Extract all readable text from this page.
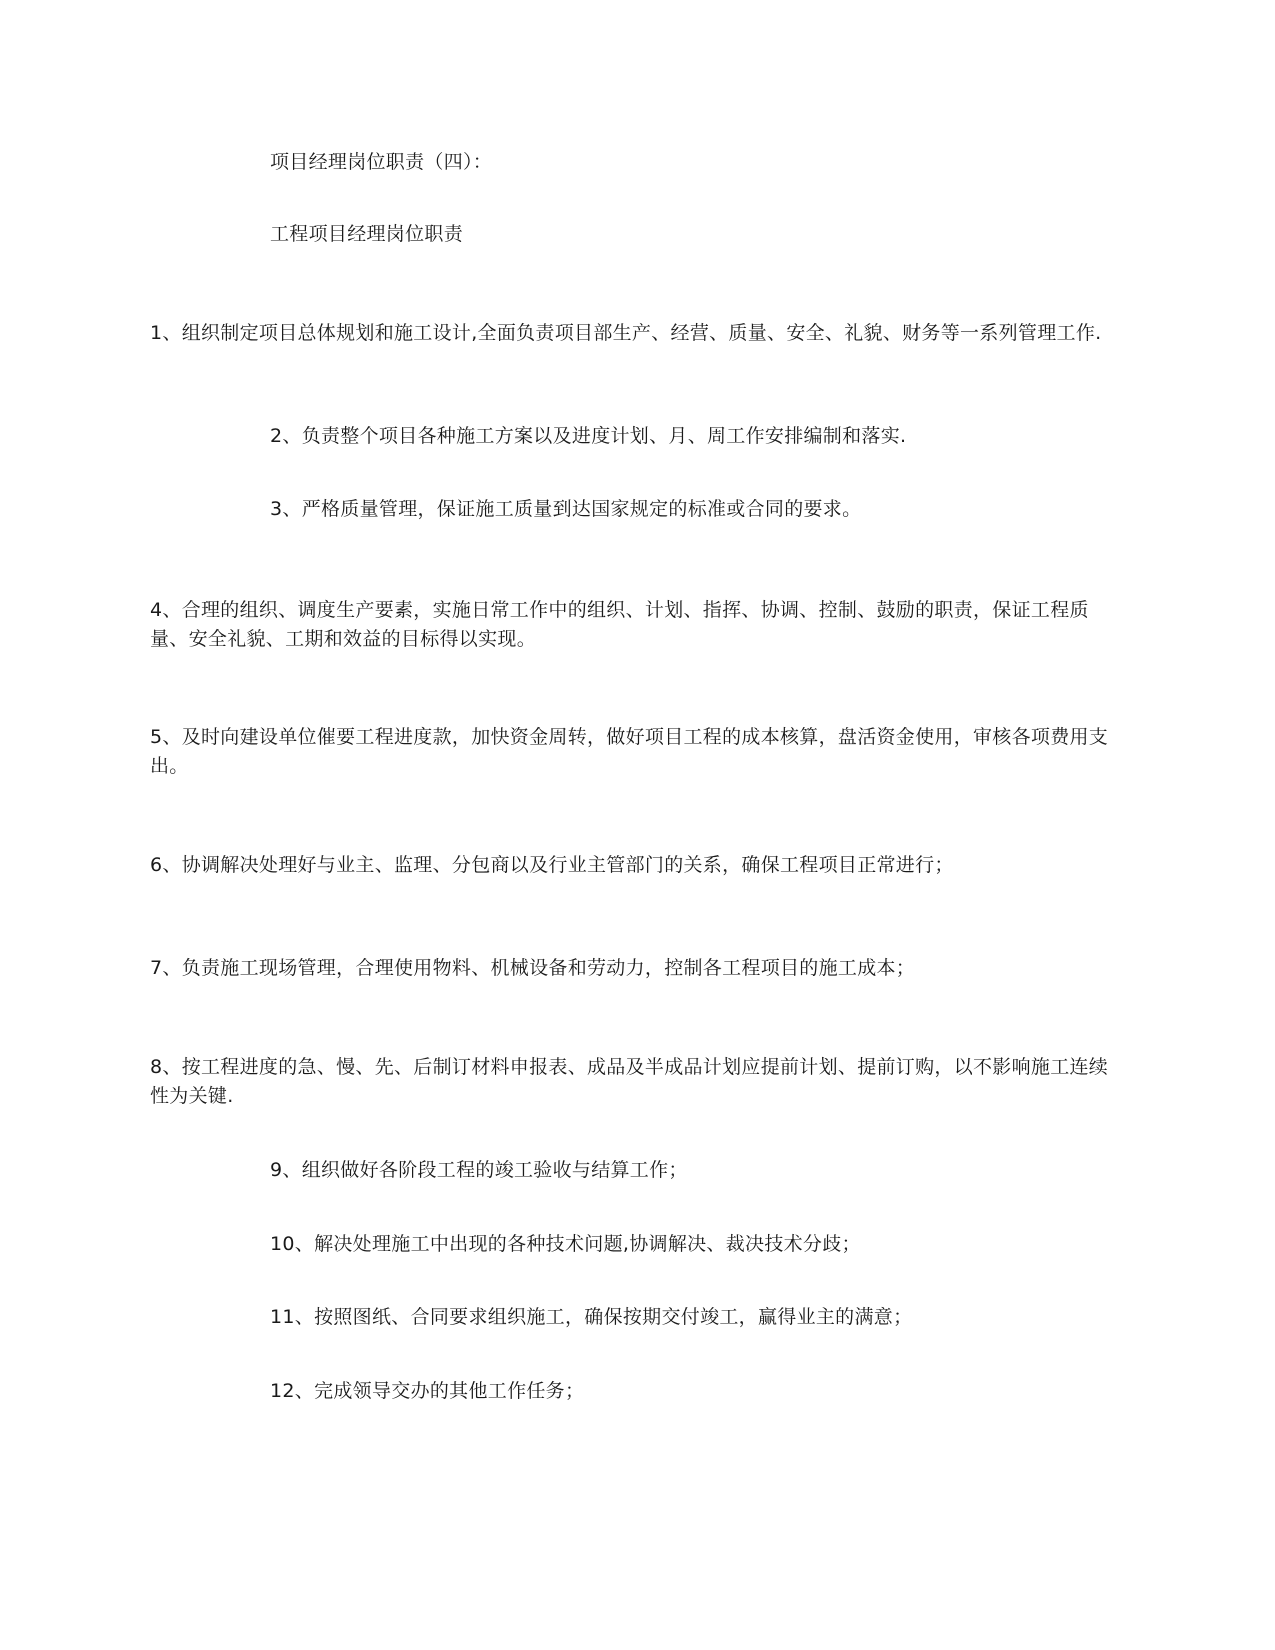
项目经理岗位职责（四）：

工程项目经理岗位职责

1、组织制定项目总体规划和施工设计,全面负责项目部生产、经营、质量、安全、礼貌、财务等一系列管理工作.

2、负责整个项目各种施工方案以及进度计划、月、周工作安排编制和落实.

3、严格质量管理，保证施工质量到达国家规定的标准或合同的要求。

4、合理的组织、调度生产要素，实施日常工作中的组织、计划、指挥、协调、控制、鼓励的职责，保证工程质量、安全礼貌、工期和效益的目标得以实现。

5、及时向建设单位催要工程进度款，加快资金周转，做好项目工程的成本核算，盘活资金使用，审核各项费用支出。

6、协调解决处理好与业主、监理、分包商以及行业主管部门的关系，确保工程项目正常进行；

7、负责施工现场管理，合理使用物料、机械设备和劳动力，控制各工程项目的施工成本；

8、按工程进度的急、慢、先、后制订材料申报表、成品及半成品计划应提前计划、提前订购，以不影响施工连续性为关键.

9、组织做好各阶段工程的竣工验收与结算工作；

10、解决处理施工中出现的各种技术问题,协调解决、裁决技术分歧；

11、按照图纸、合同要求组织施工，确保按期交付竣工，赢得业主的满意；

12、完成领导交办的其他工作任务；
